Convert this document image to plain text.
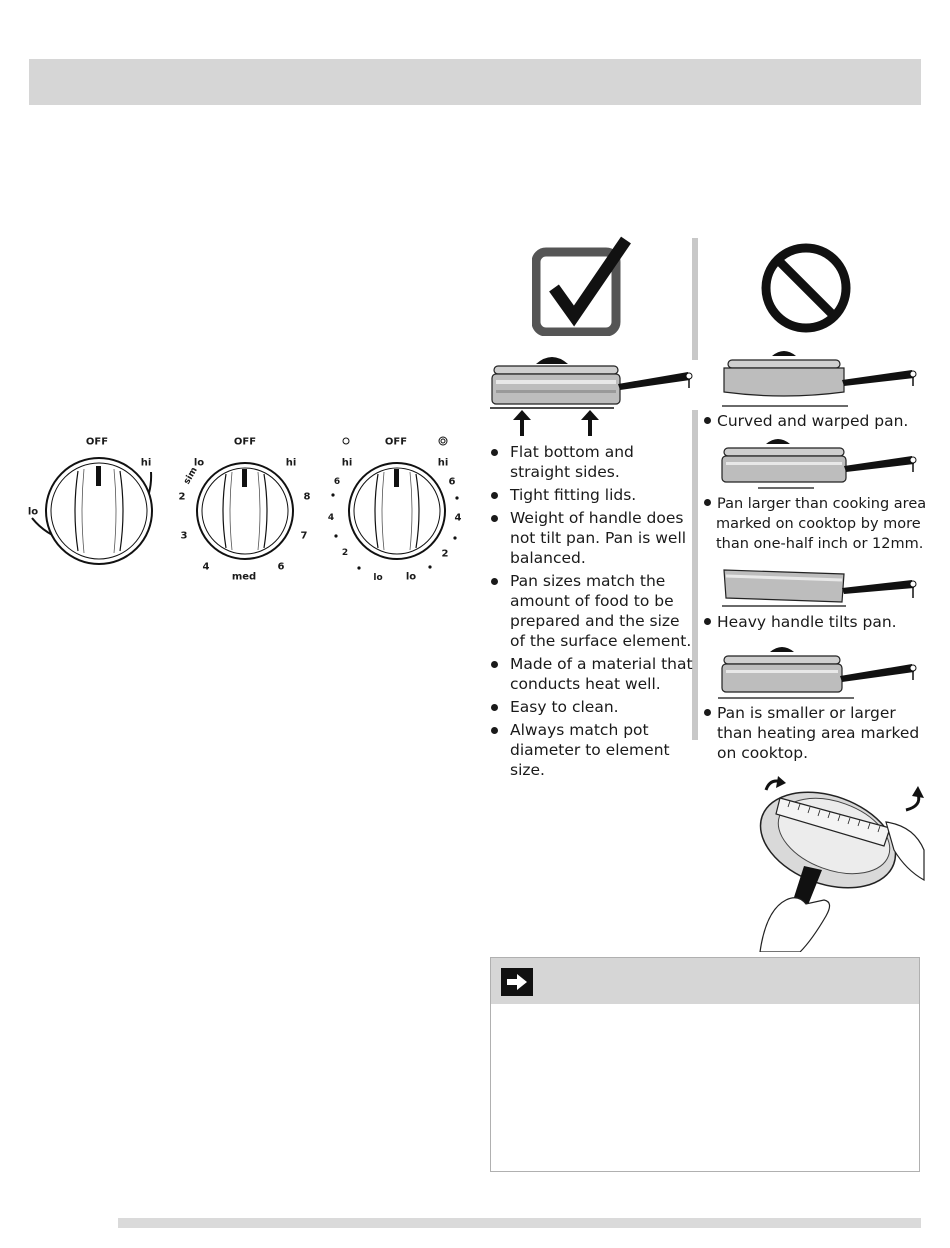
OFF
hi
lo
OFF
lo
sim
hi
2
3
4
med
6
7
8
OFF
hi	hi
6
4
2
lo
6
4
2
lo
Flat bottom and straight sides.
Tight fitting lids.
Weight of handle does not tilt pan. Pan is well balanced.
Pan sizes match the amount of food to be prepared and the size of the surface element.
Made of a material that conducts heat well.
Easy to clean.
Always match pot diameter to element size.
Curved and warped pan.
Pan larger than cooking area marked on cooktop by more than one-half inch or 12mm.
Heavy handle tilts pan.
Pan is smaller or larger than heating area marked on cooktop.
